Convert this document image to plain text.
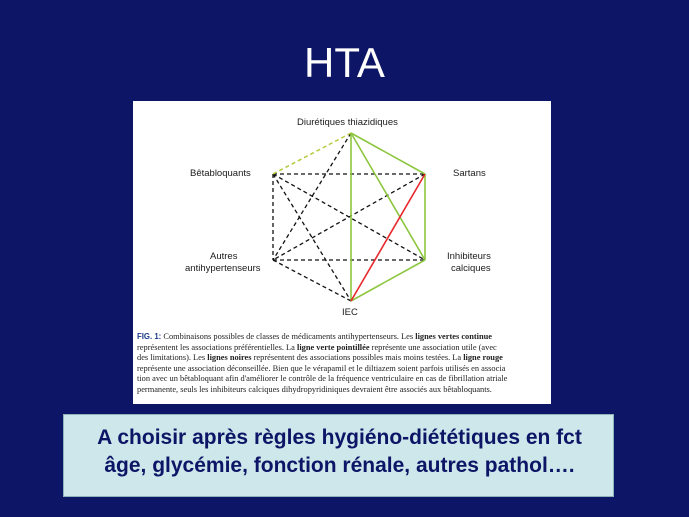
HTA
Diurétiques thiazidiques
Bêtabloquants	Sartans
Autres
antihypertenseurs
Inhibiteurs
calciques
IEC
FIG. 1: Combinaisons possibles de classes de médicaments antihypertenseurs. Les lignes vertes continue
représentent les associations préférentielles. La ligne verte pointillée représente une association utile (avec
des limitations). Les lignes noires représentent des associations possibles mais moins testées. La ligne rouge
représente une association déconseillée. Bien que le vérapamil et le diltiazem soient parfois utilisés en associa
tion avec un bêtabloquant afin d'améliorer le contrôle de la fréquence ventriculaire en cas de fibrillation atriale
permanente, seuls les inhibiteurs calciques dihydropyridiniques devraient être associés aux bêtabloquants.
A choisir après règles hygiéno-diététiques en fct
âge, glycémie, fonction rénale, autres pathol….
